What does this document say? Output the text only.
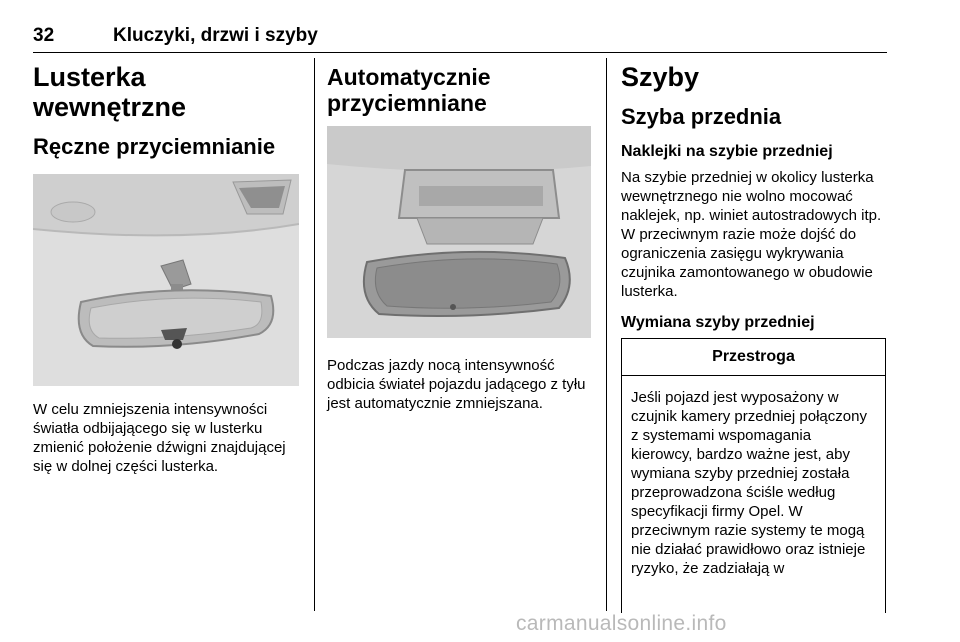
32	Kluczyki, drzwi i szyby
Lusterka wewnętrzne
Ręczne przyciemnianie
W celu zmniejszenia intensywności światła odbijającego się w lusterku zmienić położenie dźwigni znajdującej się w dolnej części lusterka.
Automatycznie przyciemniane
Podczas jazdy nocą intensywność odbicia świateł pojazdu jadącego z tyłu jest automatycznie zmniejszana.
Szyby
Szyba przednia
Naklejki na szybie przedniej
Na szybie przedniej w okolicy lusterka wewnętrznego nie wolno mocować naklejek, np. winiet autostradowych itp. W przeciwnym razie może dojść do ograniczenia zasięgu wykrywania czujnika zamontowanego w obudowie lusterka.
Wymiana szyby przedniej
Przestroga
Jeśli pojazd jest wyposażony w czujnik kamery przedniej połączony z systemami wspomagania kierowcy, bardzo ważne jest, aby wymiana szyby przedniej została przeprowadzona ściśle według specyfikacji firmy Opel. W przeciwnym razie systemy te mogą nie działać prawidłowo oraz istnieje ryzyko, że zadziałają w
carmanualsonline.info
